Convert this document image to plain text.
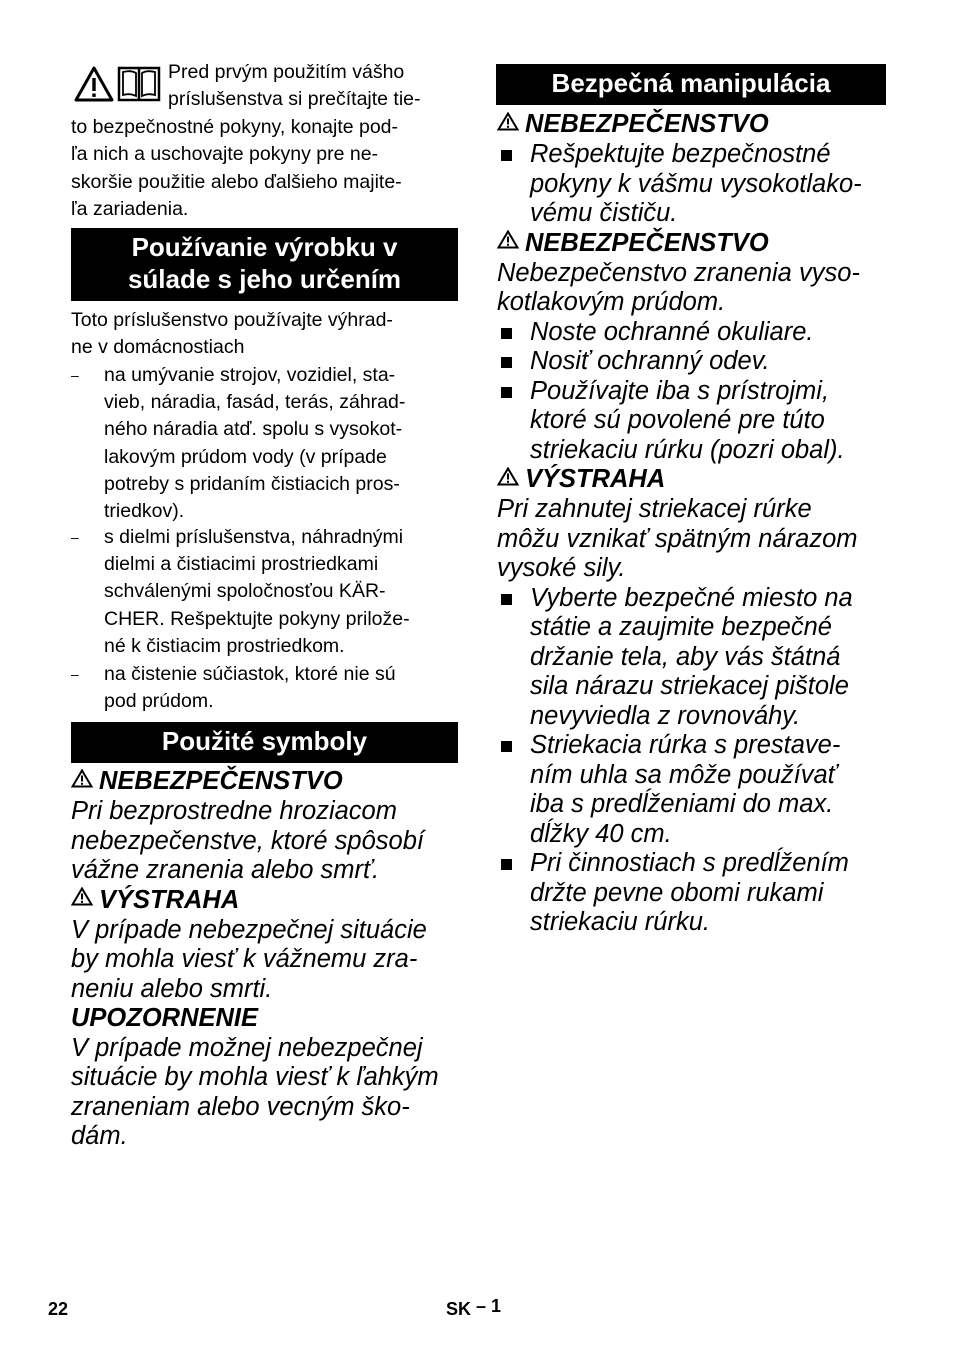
Pred prvým použitím vášho
príslušenstva si prečítajte tie-
to bezpečnostné pokyny, konajte pod-
ľa nich a uschovajte pokyny pre ne-
skoršie použitie alebo ďalšieho majite-
ľa zariadenia.
Používanie výrobku v
súlade s jeho určením
Toto príslušenstvo používajte výhrad-
ne v domácnostiach
– na umývanie strojov, vozidiel, sta-
vieb, náradia, fasád, terás, záhrad-
ného náradia atď. spolu s vysokot-
lakovým prúdom vody (v prípade
potreby s pridaním čistiacich pros-
triedkov).
– s dielmi príslušenstva, náhradnými
dielmi a čistiacimi prostriedkami
schválenými spoločnosťou KÄR-
CHER. Rešpektujte pokyny prilože-
né k čistiacim prostriedkom.
– na čistenie súčiastok, ktoré nie sú
pod prúdom.
Použité symboly
NEBEZPEČENSTVO
Pri bezprostredne hroziacom
nebezpečenstve, ktoré spôsobí
vážne zranenia alebo smrť.
VÝSTRAHA
V prípade nebezpečnej situácie
by mohla viesť k vážnemu zra-
neniu alebo smrti.
UPOZORNENIE
V prípade možnej nebezpečnej
situácie by mohla viesť k ľahkým
zraneniam alebo vecným ško-
dám.
Bezpečná manipulácia
NEBEZPEČENSTVO
Rešpektujte bezpečnostné
pokyny k vášmu vysokotlako-
vému čističu.
NEBEZPEČENSTVO
Nebezpečenstvo zranenia vyso-
kotlakovým prúdom.
Noste ochranné okuliare.
Nosiť ochranný odev.
Používajte iba s prístrojmi,
ktoré sú povolené pre túto
striekaciu rúrku (pozri obal).
VÝSTRAHA
Pri zahnutej striekacej rúrke
môžu vznikať spätným nárazom
vysoké sily.
Vyberte bezpečné miesto na
státie a zaujmite bezpečné
držanie tela, aby vás štátná
sila nárazu striekacej pištole
nevyviedla z rovnováhy.
Striekacia rúrka s prestave-
ním uhla sa môže používať
iba s predĺženiami do max.
dĺžky 40 cm.
Pri činnostiach s predĺžením
držte pevne obomi rukami
striekaciu rúrku.
22	SK – 1
